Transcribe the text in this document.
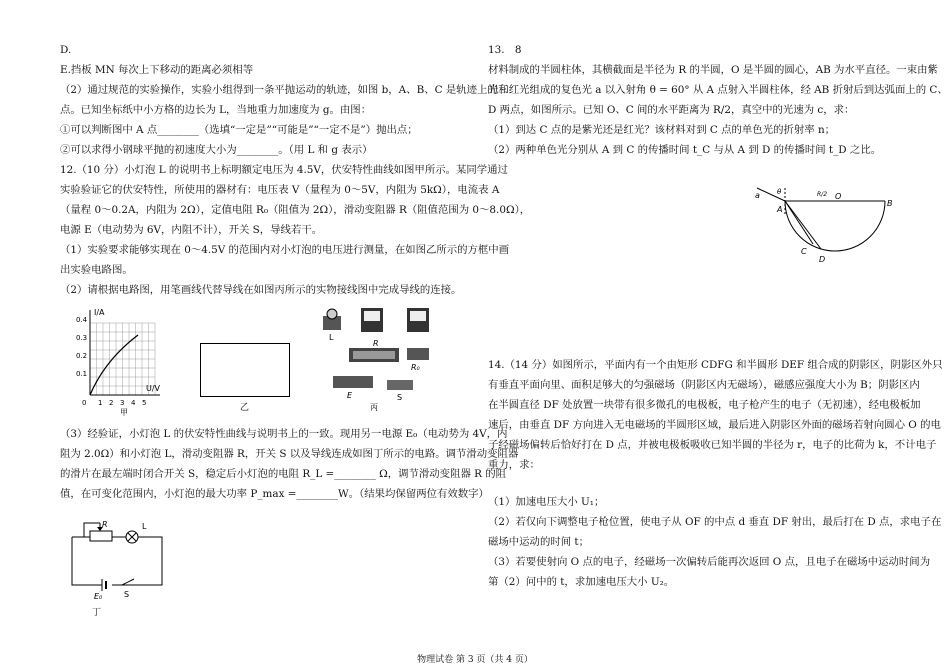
D.

E.挡板 MN 每次上下移动的距离必须相等

（2）通过规范的实验操作，实验小组得到一条平抛运动的轨迹，如图 b，A、B、C 是轨迹上的三

点。已知坐标纸中小方格的边长为 L，当地重力加速度为 g。由图：

①可以判断图中 A 点________（选填“一定是”“可能是”“一定不是”）抛出点；

②可以求得小钢球平抛的初速度大小为________。（用 L 和 g 表示）

12.（10 分）小灯泡 L 的说明书上标明额定电压为 4.5V，伏安特性曲线如图甲所示。某同学通过

实验验证它的伏安特性，所使用的器材有：电压表 V（量程为 0～5V，内阻为 5kΩ），电流表 A

（量程 0～0.2A，内阻为 2Ω），定值电阻 R₀（阻值为 2Ω），滑动变阻器 R（阻值范围为 0～8.0Ω），

电源 E（电动势为 6V，内阻不计），开关 S，导线若干。

（1）实验要求能够实现在 0～4.5V 的范围内对小灯泡的电压进行测量，在如图乙所示的方框中画

出实验电路图。

（2）请根据电路图，用笔画线代替导线在如图丙所示的实物接线图中完成导线的连接。

I/A
U/V
0.4
0.3
0.2
0.1
0 1 2 3 4 5
甲	乙
L
R
R₀
E	S
丙

（3）经验证，小灯泡 L 的伏安特性曲线与说明书上的一致。现用另一电源 E₀（电动势为 4V，内

阻为 2.0Ω）和小灯泡 L，滑动变阻器 R，开关 S 以及导线连成如图丁所示的电路。调节滑动变阻器

的滑片在最左端时闭合开关 S，稳定后小灯泡的电阻 R_L =________ Ω，调节滑动变阻器 R 的阻

值，在可变化范围内，小灯泡的最大功率 P_max =________W。（结果均保留两位有效数字）

R	L
E₀	S
丁

13.　8

材料制成的半圆柱体，其横截面是半径为 R 的半圆，O 是半圆的圆心，AB 为水平直径。一束由紫

光和红光组成的复色光 a 以入射角 θ = 60° 从 A 点射入半圆柱体，经 AB 折射后到达弧面上的 C、

D 两点，如图所示。已知 O、C 间的水平距离为 R/2，真空中的光速为 c，求：

（1）到达 C 点的是紫光还是红光？该材料对到 C 点的单色光的折射率 n；

（2）两种单色光分别从 A 到 C 的传播时间 t_C 与从 A 到 D 的传播时间 t_D 之比。

a θ	R/2 O
B
A
C
D

14.（14 分）如图所示，平面内有一个由矩形 CDFG 和半圆形 DEF 组合成的阴影区，阴影区外只

有垂直平面向里、面积足够大的匀强磁场（阴影区内无磁场），磁感应强度大小为 B；阴影区内

在半圆直径 DF 处放置一块带有很多微孔的电极板，电子枪产生的电子（无初速），经电极板加

速后，由垂直 DF 方向进入无电磁场的半圆形区域，最后进入阴影区外面的磁场若射向圆心 O 的电

子经磁场偏转后恰好打在 D 点，并被电极板吸收已知半圆的半径为 r，电子的比荷为 k，不计电子

重力，求：

（1）加速电压大小 U₁；

（2）若仅向下调整电子枪位置，使电子从 OF 的中点 d 垂直 DF 射出，最后打在 D 点，求电子在

磁场中运动的时间 t；

（3）若要使射向 O 点的电子，经磁场一次偏转后能再次返回 O 点，且电子在磁场中运动时间为

第（2）问中的 t，求加速电压大小 U₂。

物理试卷 第 3 页（共 4 页）
